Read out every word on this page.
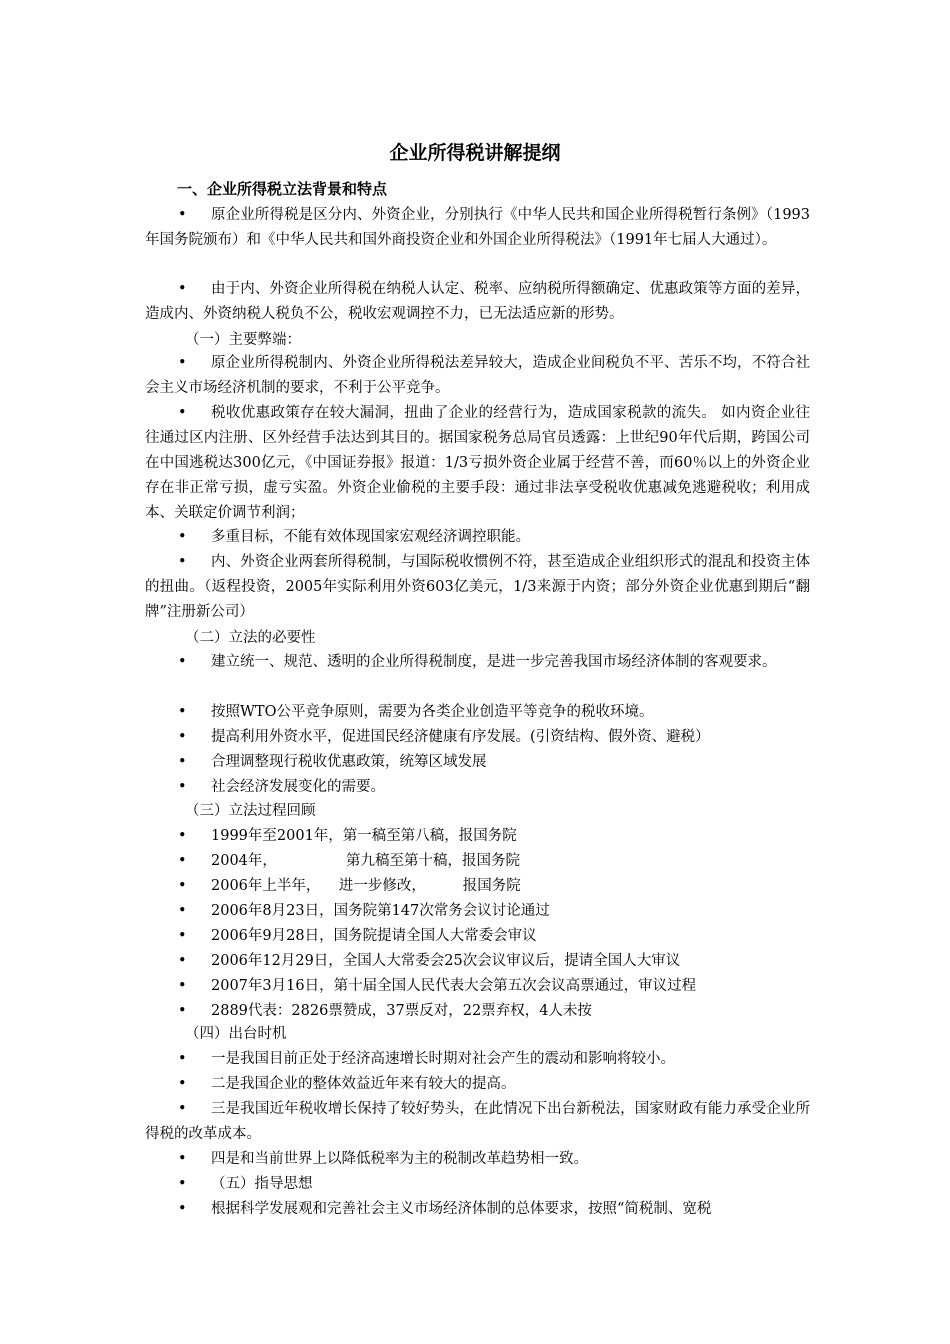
企业所得税讲解提纲
一、企业所得税立法背景和特点
•	原企业所得税是区分内、外资企业，分别执行《中华人民共和国企业所得税暂行条例》（1993年国务院颁布）和《中华人民共和国外商投资企业和外国企业所得税法》（1991年七届人大通过）。
•	由于内、外资企业所得税在纳税人认定、税率、应纳税所得额确定、优惠政策等方面的差异，造成内、外资纳税人税负不公，税收宏观调控不力，已无法适应新的形势。
（一）主要弊端：
•	原企业所得税制内、外资企业所得税法差异较大，造成企业间税负不平、苦乐不均，不符合社会主义市场经济机制的要求，不利于公平竞争。
•	税收优惠政策存在较大漏洞，扭曲了企业的经营行为，造成国家税款的流失。 如内资企业往往通过区内注册、区外经营手法达到其目的。据国家税务总局官员透露：上世纪90年代后期，跨国公司在中国逃税达300亿元，《中国证券报》报道：1/3亏损外资企业属于经营不善，而60％以上的外资企业存在非正常亏损，虚亏实盈。外资企业偷税的主要手段：通过非法享受税收优惠减免逃避税收；利用成本、关联定价调节利润；
•	多重目标，不能有效体现国家宏观经济调控职能。
•	内、外资企业两套所得税制，与国际税收惯例不符，甚至造成企业组织形式的混乱和投资主体的扭曲。（返程投资，2005年实际利用外资603亿美元，1/3来源于内资；部分外资企业优惠到期后“翻牌”注册新公司）
（二）立法的必要性
•	建立统一、规范、透明的企业所得税制度，是进一步完善我国市场经济体制的客观要求。
•	按照WTO公平竞争原则，需要为各类企业创造平等竞争的税收环境。
•	提高利用外资水平，促进国民经济健康有序发展。(引资结构、假外资、避税）
•	合理调整现行税收优惠政策，统筹区域发展
•	社会经济发展变化的需要。
（三）立法过程回顾
•	1999年至2001年，第一稿至第八稿，报国务院
•	2004年，               第九稿至第十稿，报国务院
•	2006年上半年，    进一步修改，        报国务院
•	2006年8月23日，国务院第147次常务会议讨论通过
•	2006年9月28日，国务院提请全国人大常委会审议
•	2006年12月29日，全国人大常委会25次会议审议后，提请全国人大审议
•	2007年3月16日，第十届全国人民代表大会第五次会议高票通过，审议过程
•	2889代表：2826票赞成，37票反对，22票弃权，4人未按
（四）出台时机
•	一是我国目前正处于经济高速增长时期对社会产生的震动和影响将较小。
•	二是我国企业的整体效益近年来有较大的提高。
•	三是我国近年税收增长保持了较好势头，在此情况下出台新税法，国家财政有能力承受企业所得税的改革成本。
•	四是和当前世界上以降低税率为主的税制改革趋势相一致。
•	（五）指导思想
•	根据科学发展观和完善社会主义市场经济体制的总体要求，按照“简税制、宽税
